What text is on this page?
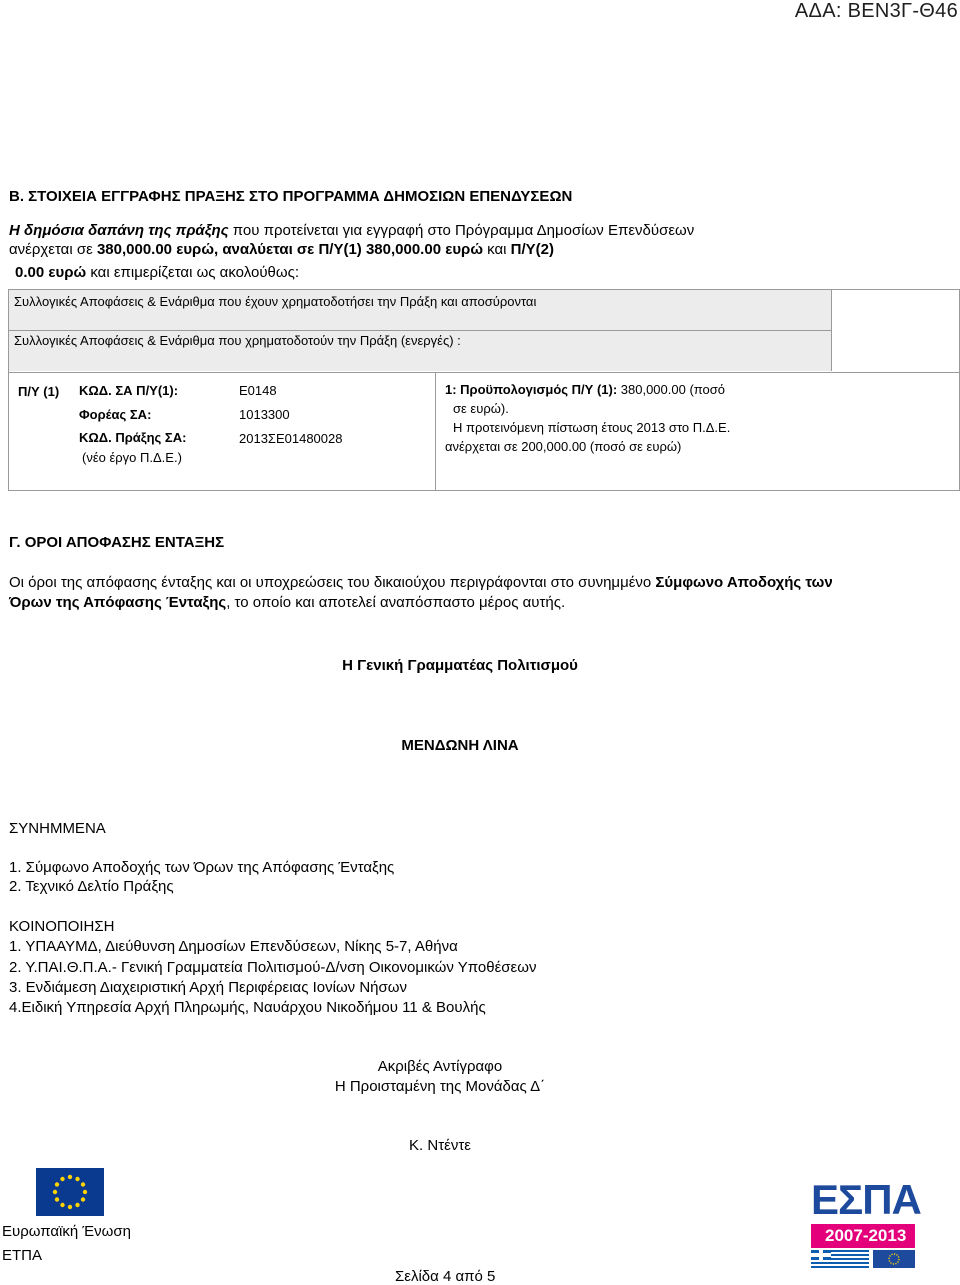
ΑΔΑ: ΒΕΝ3Γ-Θ46
Β. ΣΤΟΙΧΕΙΑ ΕΓΓΡΑΦΗΣ ΠΡΑΞΗΣ ΣΤΟ ΠΡΟΓΡΑΜΜΑ ΔΗΜΟΣΙΩΝ ΕΠΕΝΔΥΣΕΩΝ
Η δημόσια δαπάνη της πράξης που προτείνεται για εγγραφή στο Πρόγραμμα Δημοσίων Επενδύσεων
ανέρχεται σε 380,000.00 ευρώ, αναλύεται σε Π/Υ(1) 380,000.00 ευρώ και Π/Υ(2)
0.00 ευρώ και επιμερίζεται ως ακολούθως:
Συλλογικές Αποφάσεις & Ενάριθμα που έχουν χρηματοδοτήσει την Πράξη και αποσύρονται
Συλλογικές Αποφάσεις & Ενάριθμα που χρηματοδοτούν την Πράξη (ενεργές) :
Π/Υ (1) ΚΩΔ. ΣΑ Π/Υ(1):	Ε0148
Φορέας ΣΑ:	1013300
ΚΩΔ. Πράξης ΣΑ:	2013ΣΕ01480028
(νέο έργο Π.Δ.Ε.)
1: Προϋπολογισμός Π/Υ (1): 380,000.00 (ποσό
σε ευρώ).
Η προτεινόμενη πίστωση έτους 2013 στο Π.Δ.Ε.
ανέρχεται σε 200,000.00 (ποσό σε ευρώ)
Γ. ΟΡΟΙ ΑΠΟΦΑΣΗΣ ΕΝΤΑΞΗΣ
Οι όροι της απόφασης ένταξης και οι υποχρεώσεις του δικαιούχου περιγράφονται στο συνημμένο Σύμφωνο Αποδοχής των
Όρων της Απόφασης Ένταξης, το οποίο και αποτελεί αναπόσπαστο μέρος αυτής.
Η Γενική Γραμματέας Πολιτισμού
ΜΕΝΔΩΝΗ ΛΙΝΑ
ΣΥΝΗΜΜΕΝΑ
1. Σύμφωνο Αποδοχής των Όρων της Απόφασης Ένταξης
2. Τεχνικό Δελτίο Πράξης
ΚΟΙΝΟΠΟΙΗΣΗ
1. ΥΠΑΑΥΜΔ, Διεύθυνση Δημοσίων Επενδύσεων, Νίκης 5-7, Αθήνα
2. Υ.ΠΑΙ.Θ.Π.Α.- Γενική Γραμματεία Πολιτισμού-Δ/νση Οικονομικών Υποθέσεων
3. Ενδιάμεση Διαχειριστική Αρχή Περιφέρειας Ιονίων Νήσων
4.Ειδική Υπηρεσία Αρχή Πληρωμής, Ναυάρχου Νικοδήμου 11 & Βουλής
Ακριβές Αντίγραφο
Η Προισταμένη της Μονάδας Δ΄
Κ. Ντέντε
Ευρωπαϊκή Ένωση
ΕΤΠΑ
ΕΣΠΑ
2007-2013
Σελίδα 4 από 5
